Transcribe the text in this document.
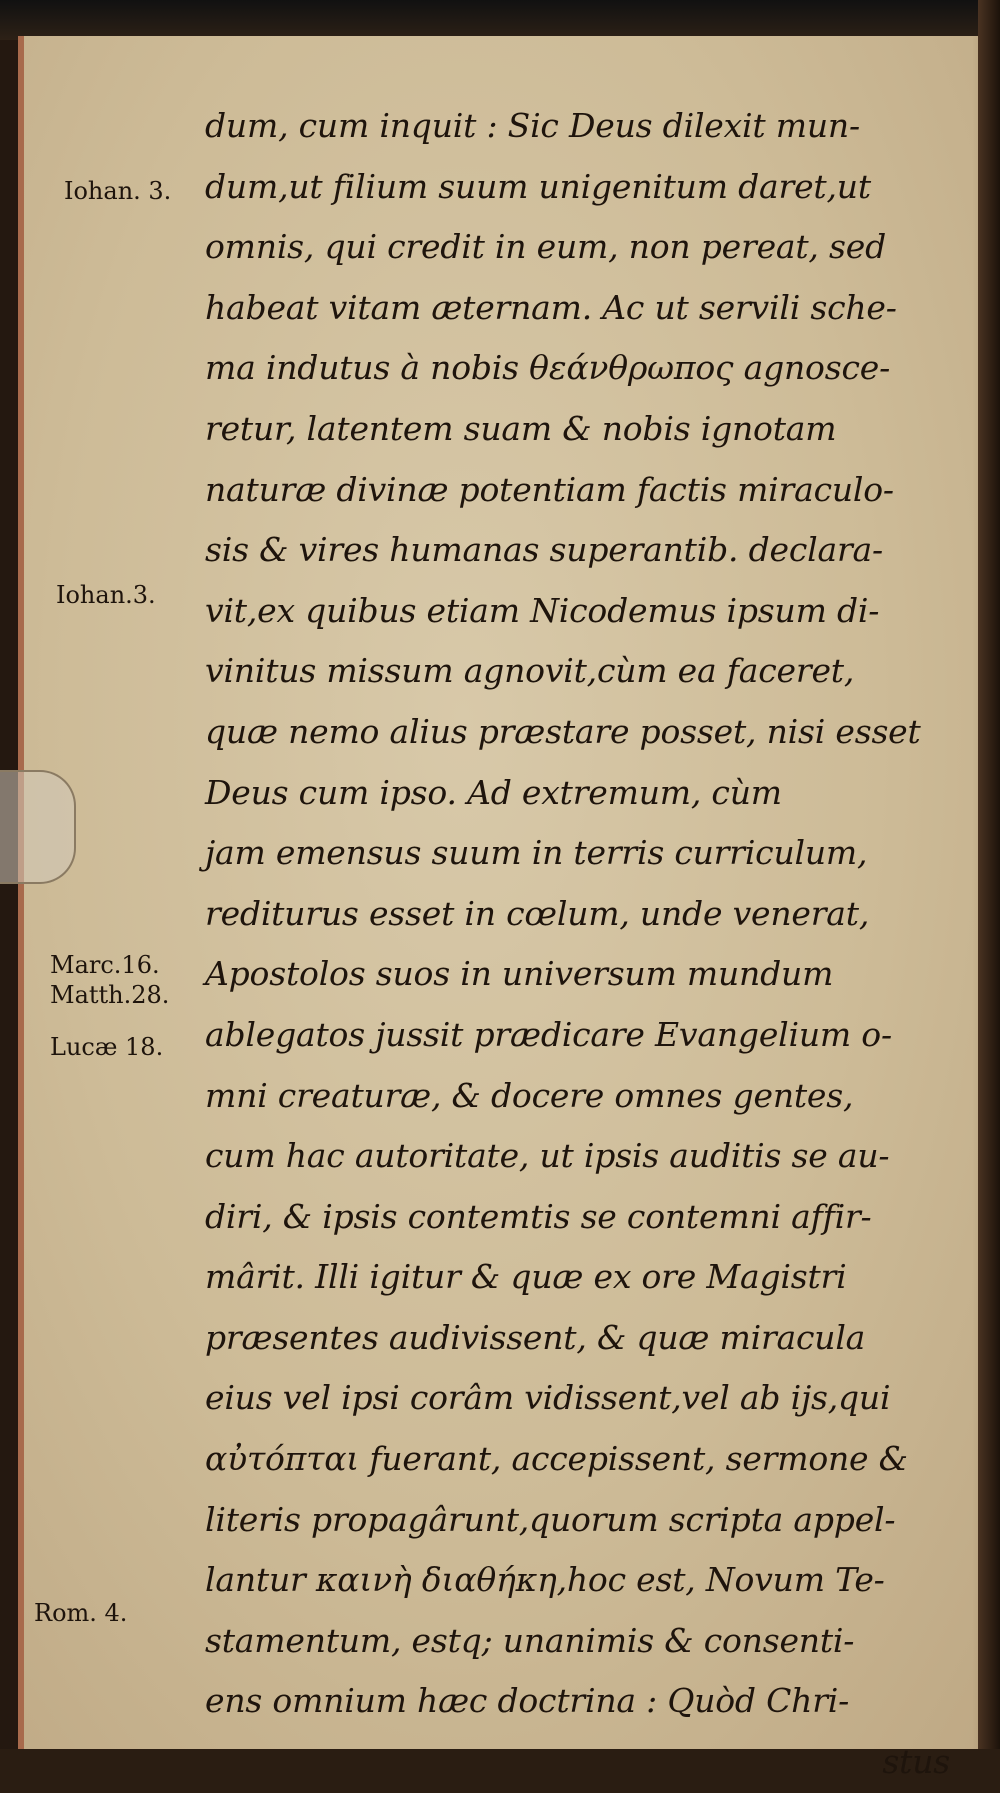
dum, cum inquit : Sic Deus dilexit mun-
dum,ut filium suum unigenitum daret,ut
omnis, qui credit in eum, non pereat, sed
habeat vitam æternam. Ac ut servili sche-
ma indutus à nobis θεάνθρωπος agnosce-
retur, latentem suam & nobis ignotam
naturæ divinæ potentiam factis miraculo-
sis & vires humanas superantib. declara-
vit,ex quibus etiam Nicodemus ipsum di-
vinitus missum agnovit,cùm ea faceret,
quæ nemo alius præstare posset, nisi esset
Deus cum ipso. Ad extremum, cùm
jam emensus suum in terris curriculum,
rediturus esset in cœlum, unde venerat,
Apostolos suos in universum mundum
ablegatos jussit prædicare Evangelium o-
mni creaturæ, & docere omnes gentes,
cum hac autoritate, ut ipsis auditis se au-
diri, & ipsis contemtis se contemni affir-
mârit. Illi igitur & quæ ex ore Magistri
præsentes audivissent, & quæ miracula
eius vel ipsi corâm vidissent,vel ab ijs,qui
αὐτόπται fuerant, accepissent, sermone &
literis propagârunt,quorum scripta appel-
lantur καινὴ διαθήκη,hoc est, Novum Te-
stamentum, estq; unanimis & consenti-
ens omnium hæc doctrina : Quòd Chri-
stus
Iohan. 3.
Iohan.3.
Marc.16.
Matth.28.
Lucæ 18.
Rom. 4.
